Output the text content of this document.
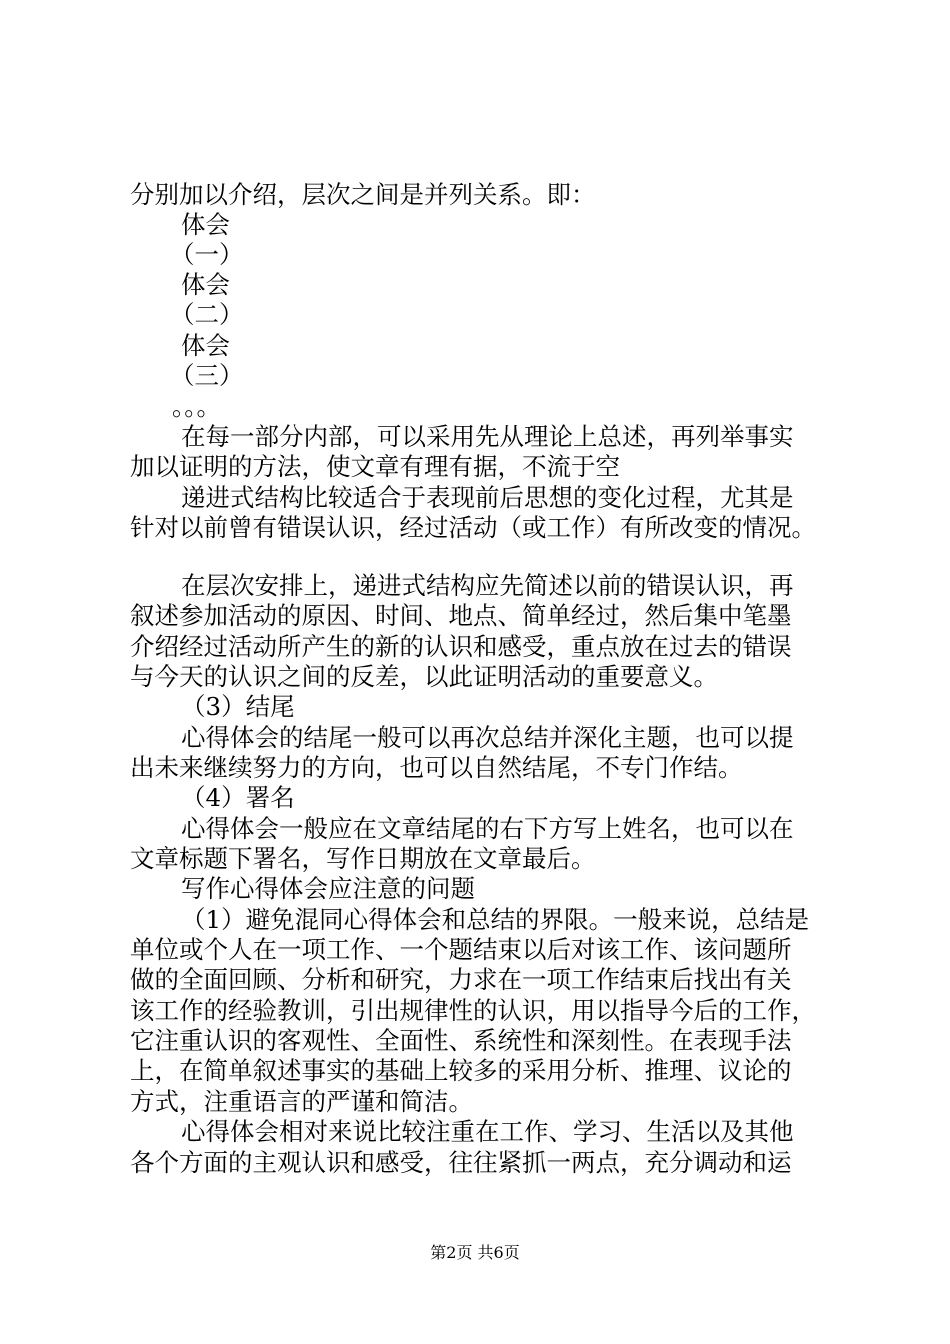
分别加以介绍，层次之间是并列关系。即：
体会
（一）
体会
（二）
体会
（三）
。。。
在每一部分内部，可以采用先从理论上总述，再列举事实
加以证明的方法，使文章有理有据，不流于空
递进式结构比较适合于表现前后思想的变化过程，尤其是
针对以前曾有错误认识，经过活动（或工作）有所改变的情况。
在层次安排上，递进式结构应先简述以前的错误认识，再
叙述参加活动的原因、时间、地点、简单经过，然后集中笔墨
介绍经过活动所产生的新的认识和感受，重点放在过去的错误
与今天的认识之间的反差，以此证明活动的重要意义。
（3）结尾
心得体会的结尾一般可以再次总结并深化主题，也可以提
出未来继续努力的方向，也可以自然结尾，不专门作结。
（4）署名
心得体会一般应在文章结尾的右下方写上姓名，也可以在
文章标题下署名，写作日期放在文章最后。
写作心得体会应注意的问题
（1）避免混同心得体会和总结的界限。一般来说，总结是
单位或个人在一项工作、一个题结束以后对该工作、该问题所
做的全面回顾、分析和研究，力求在一项工作结束后找出有关
该工作的经验教训，引出规律性的认识，用以指导今后的工作，
它注重认识的客观性、全面性、系统性和深刻性。在表现手法
上，在简单叙述事实的基础上较多的采用分析、推理、议论的
方式，注重语言的严谨和简洁。
心得体会相对来说比较注重在工作、学习、生活以及其他
各个方面的主观认识和感受，往往紧抓一两点，充分调动和运
第2页 共6页
